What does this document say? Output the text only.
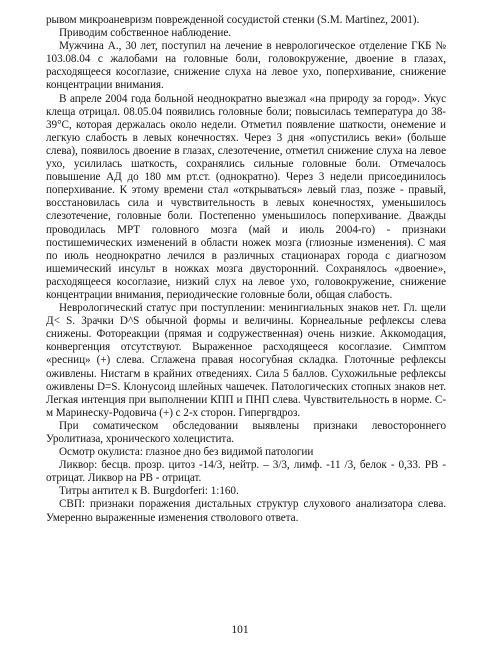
рывом микроаневризм поврежденной сосудистой стенки (S.M. Martinez, 2001).

Приводим собственное наблюдение.

Мужчина А., 30 лет, поступил на лечение в неврологическое отделение ГКБ № 103.08.04 с жалобами на головные боли, головокружение, двоение в глазах, расходящееся косоглазие, снижение слуха на левое ухо, поперхивание, снижение концентрации внимания.

В апреле 2004 года больной неоднократно выезжал «на природу за город». Укус клеща отрицал. 08.05.04 появились головные боли; повысилась температура до 38-39°С, которая держалась около недели. Отметил появление шаткости, онемение и легкую слабость в левых конечностях. Через 3 дня «опустились веки» (больше слева), появилось двоение в глазах, слезотечение, отметил снижение слуха на левое ухо, усилилась шаткость, сохранялись сильные головные боли. Отмечалось повышение АД до 180 мм рт.ст. (однократно). Через 3 недели присоединилось поперхивание. К этому времени стал «открываться» левый глаз, позже - правый, восстановилась сила и чувствительность в левых конечностях, уменьшилось слезотечение, головные боли. Постепенно уменьшилось поперхивание. Дважды проводилась МРТ головного мозга (май и июль 2004-го) - признаки постишемических изменений в области ножек мозга (глиозные изменения). С мая по июль неоднократно лечился в различных стационарах города с диагнозом ишемический инсульт в ножках мозга двусторонний. Сохранялось «двоение», расходящееся косоглазие, низкий слух на левое ухо, головокружение, снижение концентрации внимания, периодические головные боли, общая слабость.

Неврологический статус при поступлении: менингиальных знаков нет. Гл. щели Д< S. Зрачки D^S обычной формы и величины. Корнеальные рефлексы слева снижены. Фотореакции (прямая и содружественная) очень низкие. Аккомодация, конвергенция отсутствуют. Выраженное расходящееся косоглазие. Симптом «ресниц» (+) слева. Сглажена правая носогубная складка. Глоточные рефлексы оживлены. Нистагм в крайних отведениях. Сила 5 баллов. Сухожильные рефлексы оживлены D=S. Клонусоид шлейных чашечек. Патологических стопных знаков нет. Легкая интенция при выполнении КПП и ПНП слева. Чувствительность в норме. С-м Маринеску-Родовича (+) с 2-х сторон. Гипергвдроз.

При соматическом обследовании выявлены признаки левостороннего Уролитиаза, хронического холецистита.

Осмотр окулиста: глазное дно без видимой патологии

Ликвор: бесцв. прозр. цитоз -14/3, нейтр. – 3/3, лимф. -11 /3, белок - 0,33. РВ - отрицат. Ликвор на РВ - отрицат.

Титры антител к В. Burgdorferi: 1:160.

СВП: признаки поражения дистальных структур слухового анализатора слева. Умеренно выраженные изменения стволового ответа.

101
